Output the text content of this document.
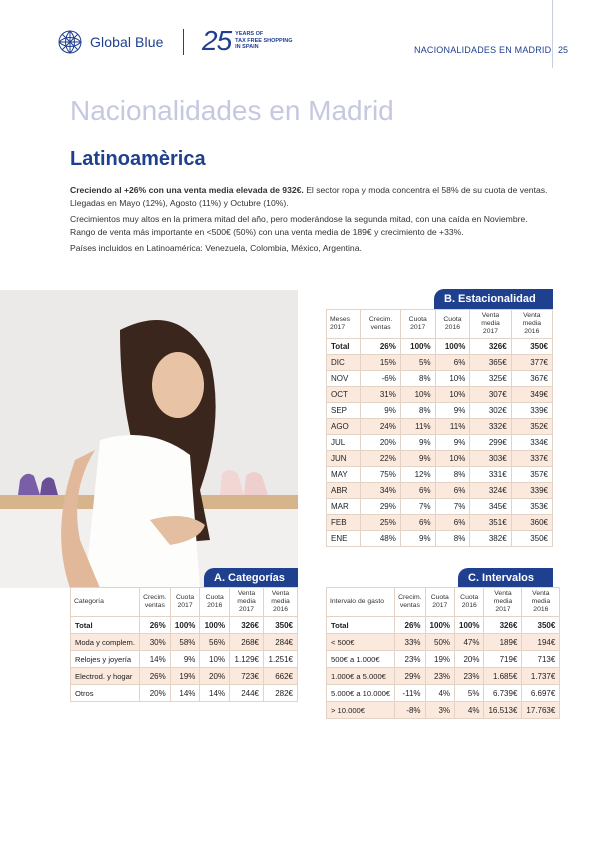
Global Blue 25 YEARS OF
TAX FREE SHOPPING
IN SPAIN	NACIONALIDADES EN MADRID 25
Nacionalidades en Madrid
Latinoamèrica

Creciendo al +26% con una venta media elevada de 932€. El sector ropa y moda concentra el 58% de su cuota de ventas. Llegadas en Mayo (12%), Agosto (11%) y Octubre (10%).

Crecimientos muy altos en la primera mitad del año, pero moderándose la segunda mitad, con una caída en Noviembre. Rango de venta más importante en <500€ (50%) con una venta media de 189€ y crecimiento de +33%.

Países incluidos en Latinoamérica: Venezuela, Colombia, México, Argentina.

B. Estacionalidad
Meses 2017	Crecim. ventas	Cuota 2017	Cuota 2016	Venta media 2017	Venta media 2016
Total	26%	100%	100%	326€	350€
DIC	15%	5%	6%	365€	377€
NOV	-6%	8%	10%	325€	367€
OCT	31%	10%	10%	307€	349€
SEP	9%	8%	9%	302€	339€
AGO	24%	11%	11%	332€	352€
JUL	20%	9%	9%	299€	334€
JUN	22%	9%	10%	303€	337€
MAY	75%	12%	8%	331€	357€
ABR	34%	6%	6%	324€	339€
MAR	29%	7%	7%	345€	353€
FEB	25%	6%	6%	351€	360€
ENE	48%	9%	8%	382€	350€
A. Categorías
Categoría	Crecim. ventas	Cuota 2017	Cuota 2016	Venta media 2017	Venta media 2016
Total	26%	100%	100%	326€	350€
Moda y complem.	30%	58%	56%	268€	284€
Relojes y joyería	14%	9%	10%	1.129€	1.251€
Electrod. y hogar	26%	19%	20%	723€	662€
Otros	20%	14%	14%	244€	282€
C. Intervalos
Intervalo de gasto	Crecim. ventas	Cuota 2017	Cuota 2016	Venta media 2017	Venta media 2016
Total	26%	100%	100%	326€	350€
< 500€	33%	50%	47%	189€	194€
500€ a 1.000€	23%	19%	20%	719€	713€
1.000€ a 5.000€	29%	23%	23%	1.685€	1.737€
5.000€ a 10.000€	-11%	4%	5%	6.739€	6.697€
> 10.000€	-8%	3%	4%	16.513€	17.763€
